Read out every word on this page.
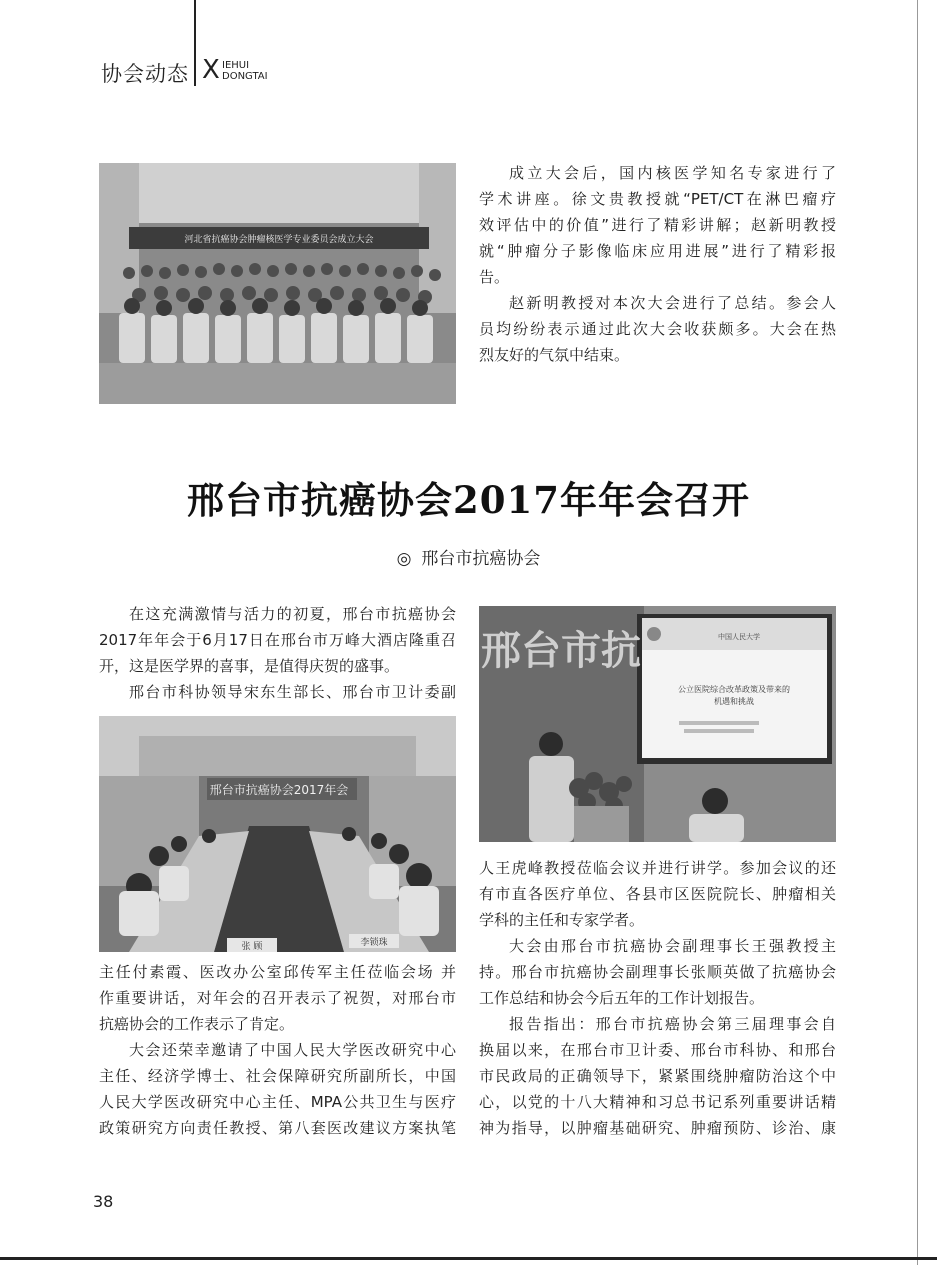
协会动态 X IEHUI
DONGTAI
河北省抗癌协会肿瘤核医学专业委员会成立大会
成立大会后，国内核医学知名专家进行了
学术讲座。徐文贵教授就“PET/CT在淋巴瘤疗
效评估中的价值”进行了精彩讲解；赵新明教授
就“肿瘤分子影像临床应用进展”进行了精彩报
告。
赵新明教授对本次大会进行了总结。参会人
员均纷纷表示通过此次大会收获颇多。大会在热
烈友好的气氛中结束。
邢台市抗癌协会2017年年会召开
◎ 邢台市抗癌协会
在这充满激情与活力的初夏，邢台市抗癌协会
2017年年会于6月17日在邢台市万峰大酒店隆重召
开，这是医学界的喜事，是值得庆贺的盛事。
邢台市科协领导宋东生部长、邢台市卫计委副
邢台市抗癌协会2017年会
张 顾	李锁珠
主任付素霞、医改办公室邱传军主任莅临会场 并
作重要讲话，对年会的召开表示了祝贺，对邢台市
抗癌协会的工作表示了肯定。
大会还荣幸邀请了中国人民大学医改研究中心
主任、经济学博士、社会保障研究所副所长，中国
人民大学医改研究中心主任、MPA公共卫生与医疗
政策研究方向责任教授、第八套医改建议方案执笔
邢台市抗	中国人民大学
公立医院综合改革政策及带来的
机遇和挑战
人王虎峰教授莅临会议并进行讲学。参加会议的还
有市直各医疗单位、各县市区医院院长、肿瘤相关
学科的主任和专家学者。
大会由邢台市抗癌协会副理事长王强教授主
持。邢台市抗癌协会副理事长张顺英做了抗癌协会
工作总结和协会今后五年的工作计划报告。
报告指出：邢台市抗癌协会第三届理事会自
换届以来，在邢台市卫计委、邢台市科协、和邢台
市民政局的正确领导下，紧紧围绕肿瘤防治这个中
心，以党的十八大精神和习总书记系列重要讲话精
神为指导，以肿瘤基础研究、肿瘤预防、诊治、康
38
